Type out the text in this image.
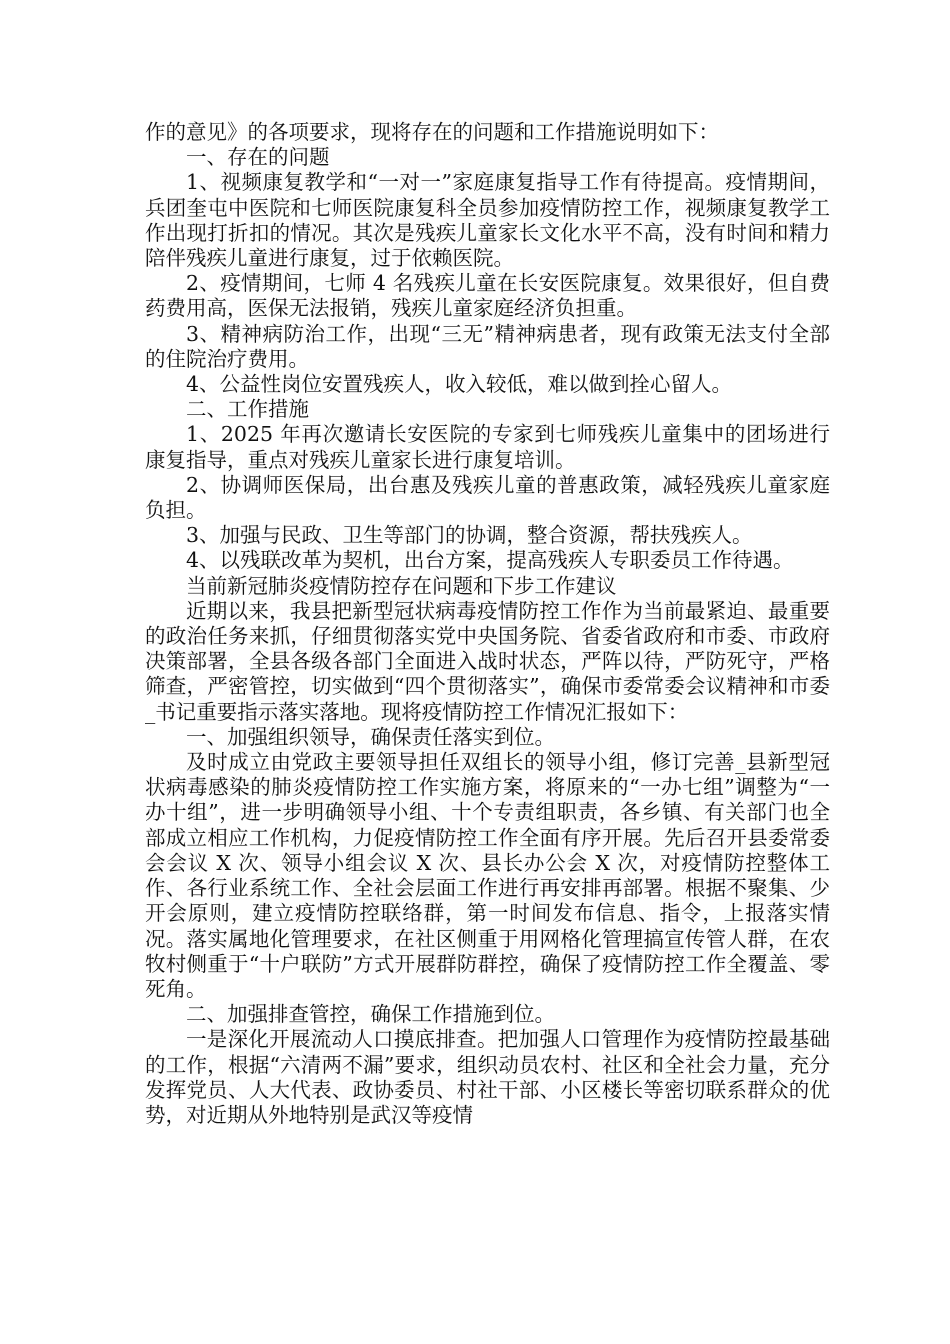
作的意见》的各项要求，现将存在的问题和工作措施说明如下：

一、存在的问题

1、视频康复教学和“一对一”家庭康复指导工作有待提高。疫情期间，兵团奎屯中医院和七师医院康复科全员参加疫情防控工作，视频康复教学工作出现打折扣的情况。其次是残疾儿童家长文化水平不高，没有时间和精力陪伴残疾儿童进行康复，过于依赖医院。

2、疫情期间，七师 4 名残疾儿童在长安医院康复。效果很好，但自费药费用高，医保无法报销，残疾儿童家庭经济负担重。

3、精神病防治工作，出现“三无”精神病患者，现有政策无法支付全部的住院治疗费用。

4、公益性岗位安置残疾人，收入较低，难以做到拴心留人。

二、工作措施

1、2025 年再次邀请长安医院的专家到七师残疾儿童集中的团场进行康复指导，重点对残疾儿童家长进行康复培训。

2、协调师医保局，出台惠及残疾儿童的普惠政策，减轻残疾儿童家庭负担。

3、加强与民政、卫生等部门的协调，整合资源，帮扶残疾人。

4、以残联改革为契机，出台方案，提高残疾人专职委员工作待遇。

当前新冠肺炎疫情防控存在问题和下步工作建议

近期以来，我县把新型冠状病毒疫情防控工作作为当前最紧迫、最重要的政治任务来抓，仔细贯彻落实党中央国务院、省委省政府和市委、市政府决策部署，全县各级各部门全面进入战时状态，严阵以待，严防死守，严格筛查，严密管控，切实做到“四个贯彻落实”，确保市委常委会议精神和市委_书记重要指示落实落地。现将疫情防控工作情况汇报如下：

一、加强组织领导，确保责任落实到位。

及时成立由党政主要领导担任双组长的领导小组，修订完善_县新型冠状病毒感染的肺炎疫情防控工作实施方案，将原来的“一办七组”调整为“一办十组”，进一步明确领导小组、十个专责组职责，各乡镇、有关部门也全部成立相应工作机构，力促疫情防控工作全面有序开展。先后召开县委常委会会议 X 次、领导小组会议 X 次、县长办公会 X 次，对疫情防控整体工作、各行业系统工作、全社会层面工作进行再安排再部署。根据不聚集、少开会原则，建立疫情防控联络群，第一时间发布信息、指令，上报落实情况。落实属地化管理要求，在社区侧重于用网格化管理搞宣传管人群，在农牧村侧重于“十户联防”方式开展群防群控，确保了疫情防控工作全覆盖、零死角。

二、加强排查管控，确保工作措施到位。

一是深化开展流动人口摸底排查。把加强人口管理作为疫情防控最基础的工作，根据“六清两不漏”要求，组织动员农村、社区和全社会力量，充分发挥党员、人大代表、政协委员、村社干部、小区楼长等密切联系群众的优势，对近期从外地特别是武汉等疫情
